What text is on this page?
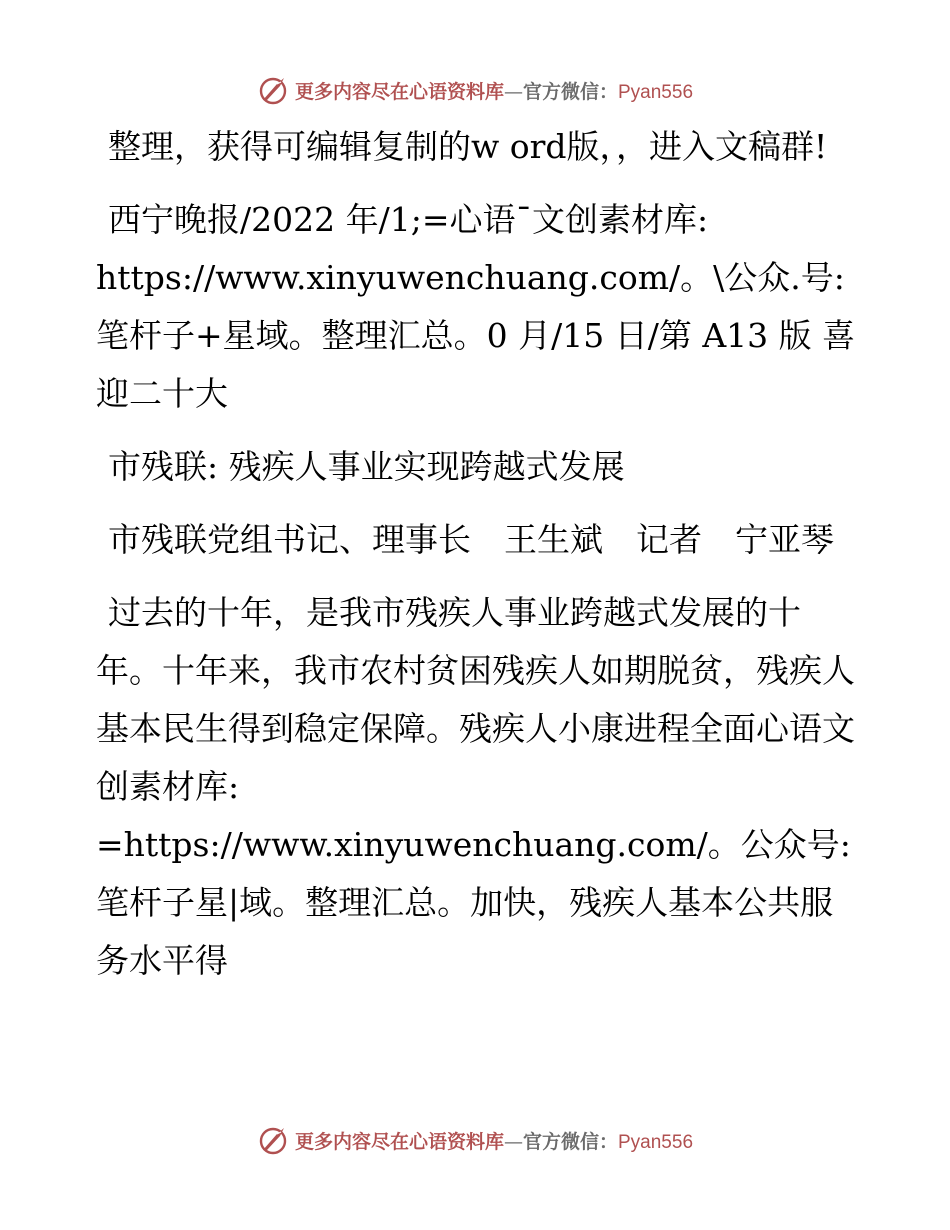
更多内容尽在心语资料库—官方微信：Pyan556

整理，获得可编辑复制的w ord版，，进入文稿群!

西宁晚报/2022 年/1;=心语¯文创素材库: https://www.xinyuwenchuang.com/。\公众.号: 笔杆子+星域。整理汇总。0 月/15 日/第 A13 版 喜迎二十大

市残联: 残疾人事业实现跨越式发展

市残联党组书记、理事长　王生斌　记者　宁亚琴

过去的十年，是我市残疾人事业跨越式发展的十年。十年来，我市农村贫困残疾人如期脱贫，残疾人基本民生得到稳定保障。残疾人小康进程全面心语文创素材库: =https://www.xinyuwenchuang.com/。公众号: 笔杆子星|域。整理汇总。加快，残疾人基本公共服务水平得

更多内容尽在心语资料库—官方微信：Pyan556
